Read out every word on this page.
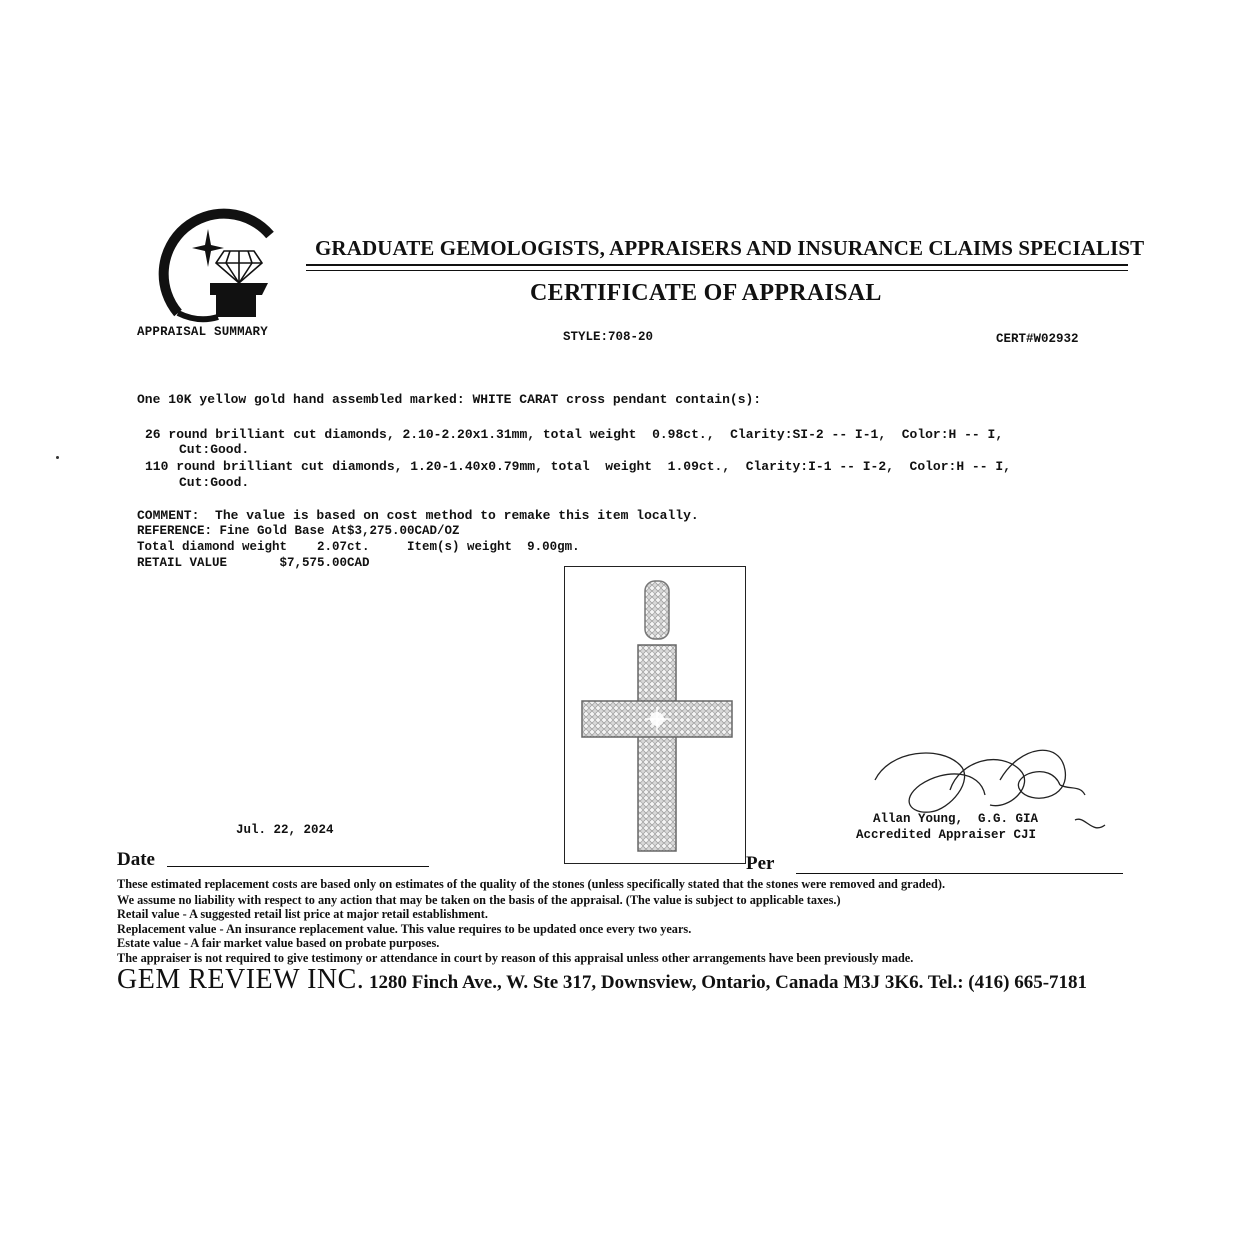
APPRAISAL SUMMARY
GRADUATE GEMOLOGISTS, APPRAISERS AND INSURANCE CLAIMS SPECIALIST
CERTIFICATE OF APPRAISAL
STYLE:708-20	CERT#W02932
One 10K yellow gold hand assembled marked: WHITE CARAT cross pendant contain(s):
26 round brilliant cut diamonds, 2.10-2.20x1.31mm, total weight  0.98ct.,  Clarity:SI-2 -- I-1,  Color:H -- I,
Cut:Good.
110 round brilliant cut diamonds, 1.20-1.40x0.79mm, total  weight  1.09ct.,  Clarity:I-1 -- I-2,  Color:H -- I,
Cut:Good.
COMMENT:  The value is based on cost method to remake this item locally.
REFERENCE: Fine Gold Base At$3,275.00CAD/OZ
Total diamond weight    2.07ct.     Item(s) weight  9.00gm.
RETAIL VALUE       $7,575.00CAD
Jul. 22, 2024
Date	Per
Allan Young,  G.G. GIA
Accredited Appraiser CJI
These estimated replacement costs are based only on estimates of the quality of the stones (unless specifically stated that the stones were removed and graded).
We assume no liability with respect to any action that may be taken on the basis of the appraisal. (The value is subject to applicable taxes.)
Retail value - A suggested retail list price at major retail establishment.
Replacement value - An insurance replacement value. This value requires to be updated once every two years.
Estate value - A fair market value based on probate purposes.
The appraiser is not required to give testimony or attendance in court by reason of this appraisal unless other arrangements have been previously made.
GEM REVIEW INC. 1280 Finch Ave., W. Ste 317, Downsview, Ontario, Canada M3J 3K6. Tel.: (416) 665-7181
